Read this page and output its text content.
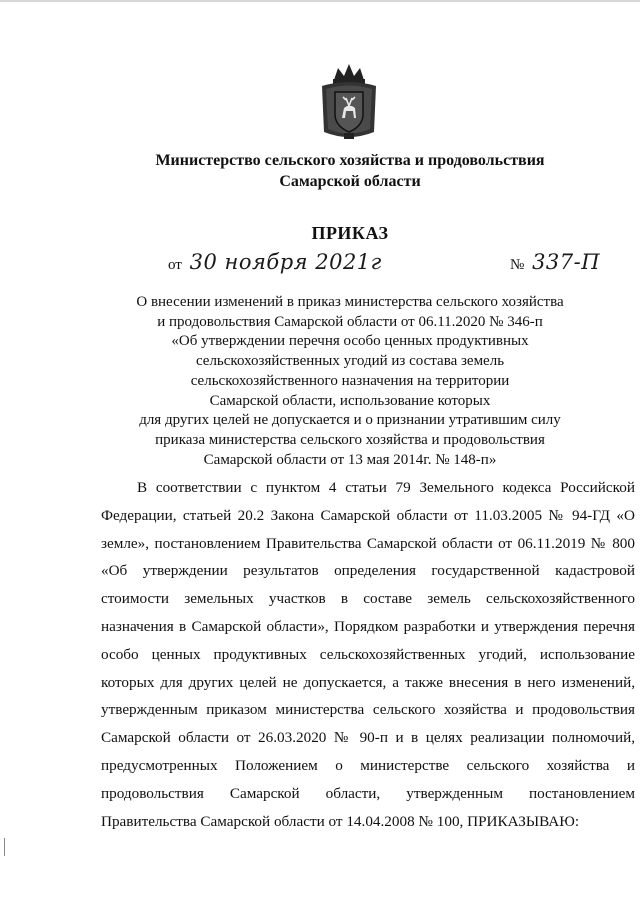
Министерство сельского хозяйства и продовольствия
Самарской области
ПРИКАЗ
от 30 ноября 2021г	№ 337-П
О внесении изменений в приказ министерства сельского хозяйства
и продовольствия Самарской области от 06.11.2020 № 346-п
«Об утверждении перечня особо ценных продуктивных
сельскохозяйственных угодий из состава земель
сельскохозяйственного назначения на территории
Самарской области, использование которых
для других целей не допускается и о признании утратившим силу
приказа министерства сельского хозяйства и продовольствия
Самарской области от 13 мая 2014г. № 148-п»

В соответствии с пунктом 4 статьи 79 Земельного кодекса Российской Федерации, статьей 20.2 Закона Самарской области от 11.03.2005 № 94-ГД «О земле», постановлением Правительства Самарской области от 06.11.2019 № 800 «Об утверждении результатов определения государственной кадастровой стоимости земельных участков в составе земель сельскохозяйственного назначения в Самарской области», Порядком разработки и утверждения перечня особо ценных продуктивных сельскохозяйственных угодий, использование которых для других целей не допускается, а также внесения в него изменений, утвержденным приказом министерства сельского хозяйства и продовольствия Самарской области от 26.03.2020 № 90-п и в целях реализации полномочий, предусмотренных Положением о министерстве сельского хозяйства и продовольствия Самарской области, утвержденным постановлением Правительства Самарской области от 14.04.2008 № 100, ПРИКАЗЫВАЮ:
